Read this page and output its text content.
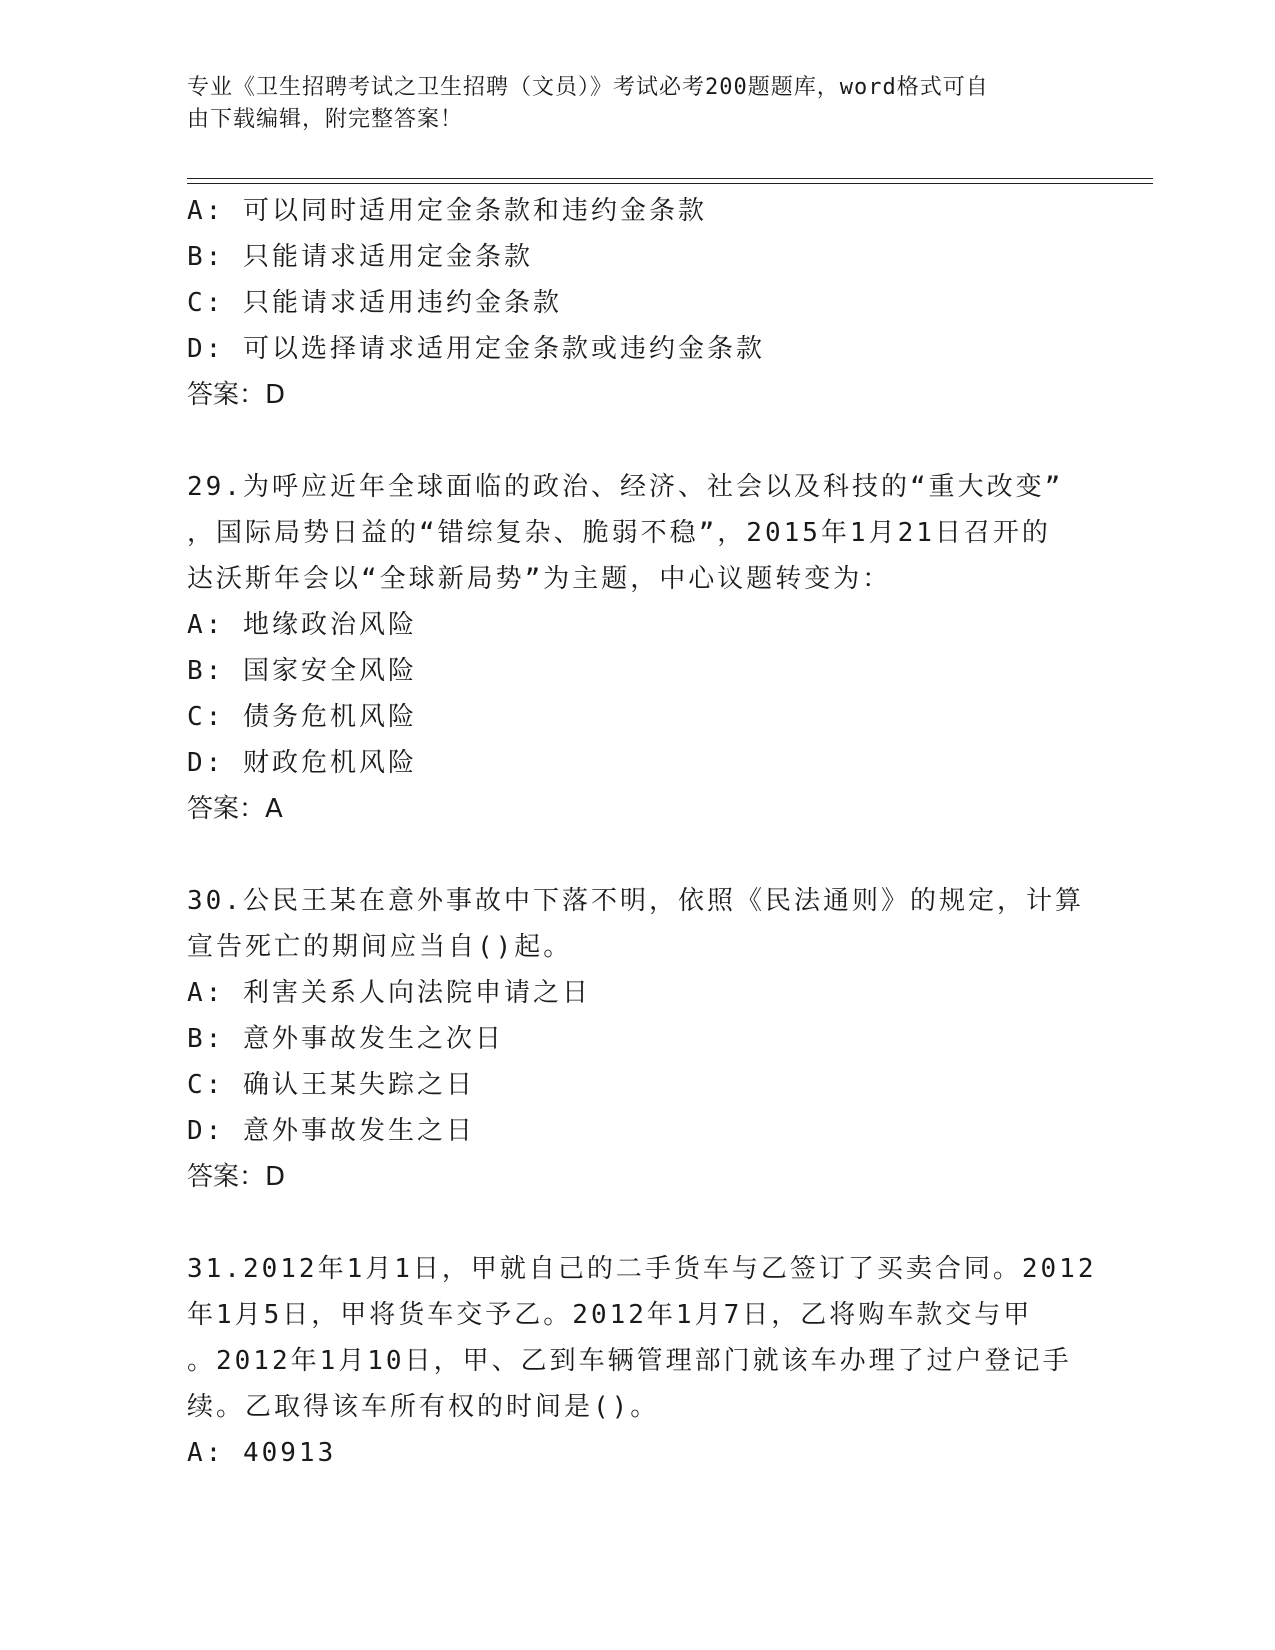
专业《卫生招聘考试之卫生招聘（文员）》考试必考200题题库，word格式可自
由下载编辑，附完整答案！
A: 可以同时适用定金条款和违约金条款
B: 只能请求适用定金条款
C: 只能请求适用违约金条款
D: 可以选择请求适用定金条款或违约金条款
答案：D
29.为呼应近年全球面临的政治、经济、社会以及科技的“重大改变”
，国际局势日益的“错综复杂、脆弱不稳”，2015年1月21日召开的
达沃斯年会以“全球新局势”为主题，中心议题转变为：
A: 地缘政治风险
B: 国家安全风险
C: 债务危机风险
D: 财政危机风险
答案：A
30.公民王某在意外事故中下落不明，依照《民法通则》的规定，计算
宣告死亡的期间应当自()起。
A: 利害关系人向法院申请之日
B: 意外事故发生之次日
C: 确认王某失踪之日
D: 意外事故发生之日
答案：D
31.2012年1月1日，甲就自己的二手货车与乙签订了买卖合同。2012
年1月5日，甲将货车交予乙。2012年1月7日，乙将购车款交与甲
。2012年1月10日，甲、乙到车辆管理部门就该车办理了过户登记手
续。乙取得该车所有权的时间是()。
A: 40913
